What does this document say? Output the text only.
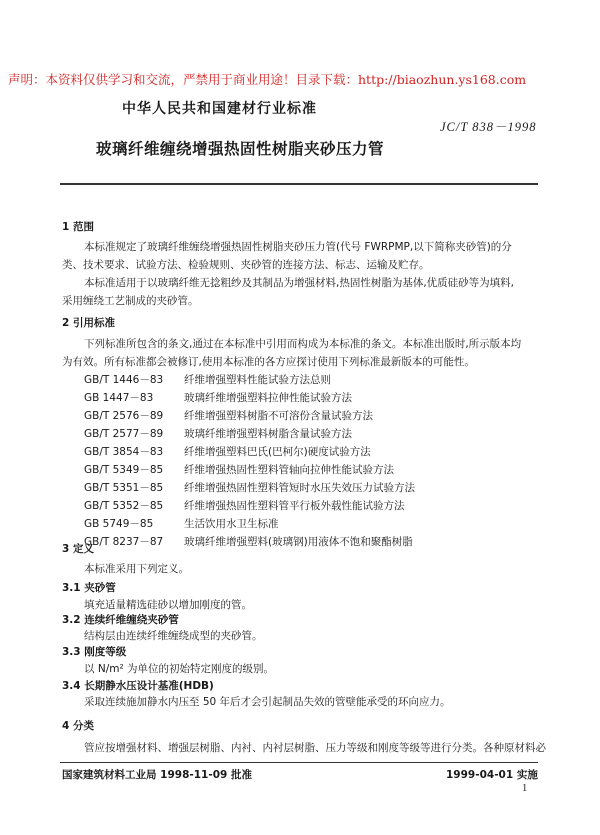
声明：本资料仅供学习和交流，严禁用于商业用途！目录下载：http://biaozhun.ys168.com
中华人民共和国建材行业标准
JC/T 838－1998
玻璃纤维缠绕增强热固性树脂夹砂压力管
1 范围
本标准规定了玻璃纤维缠绕增强热固性树脂夹砂压力管(代号 FWRPMP,以下简称夹砂管)的分
类、技术要求、试验方法、检验规则、夹砂管的连接方法、标志、运输及贮存。
本标准适用于以玻璃纤维无捻粗纱及其制品为增强材料,热固性树脂为基体,优质硅砂等为填料,
采用缠绕工艺制成的夹砂管。
2 引用标准
下列标准所包含的条文,通过在本标准中引用而构成为本标准的条文。本标准出版时,所示版本均
为有效。所有标准都会被修订,使用本标准的各方应探讨使用下列标准最新版本的可能性。
GB/T 1446－83 纤维增强塑料性能试验方法总则
GB 1447－83	玻璃纤维增强塑料拉伸性能试验方法
GB/T 2576－89 纤维增强塑料树脂不可溶份含量试验方法
GB/T 2577－89 玻璃纤维增强塑料树脂含量试验方法
GB/T 3854－83 纤维增强塑料巴氏(巴柯尔)硬度试验方法
GB/T 5349－85 纤维增强热固性塑料管轴向拉伸性能试验方法
GB/T 5351－85 纤维增强热固性塑料管短时水压失效压力试验方法
GB/T 5352－85 纤维增强热固性塑料管平行板外载性能试验方法
GB 5749－85	生活饮用水卫生标准
GB/T 8237－87 玻璃纤维增强塑料(玻璃钢)用液体不饱和聚酯树脂
3 定义
本标准采用下列定义。
3.1 夹砂管
填充适量精选硅砂以增加刚度的管。
3.2 连续纤维缠绕夹砂管
结构层由连续纤维缠绕成型的夹砂管。
3.3 刚度等级
以 N/m² 为单位的初始特定刚度的级别。
3.4 长期静水压设计基准(HDB)
采取连续施加静水内压至 50 年后才会引起制品失效的管壁能承受的环向应力。
4 分类
国家建筑材料工业局 1998-11-09 批准	1999-04-01 实施
1
管应按增强材料、增强层树脂、内衬、内衬层树脂、压力等级和刚度等级等进行分类。各种原材料必
